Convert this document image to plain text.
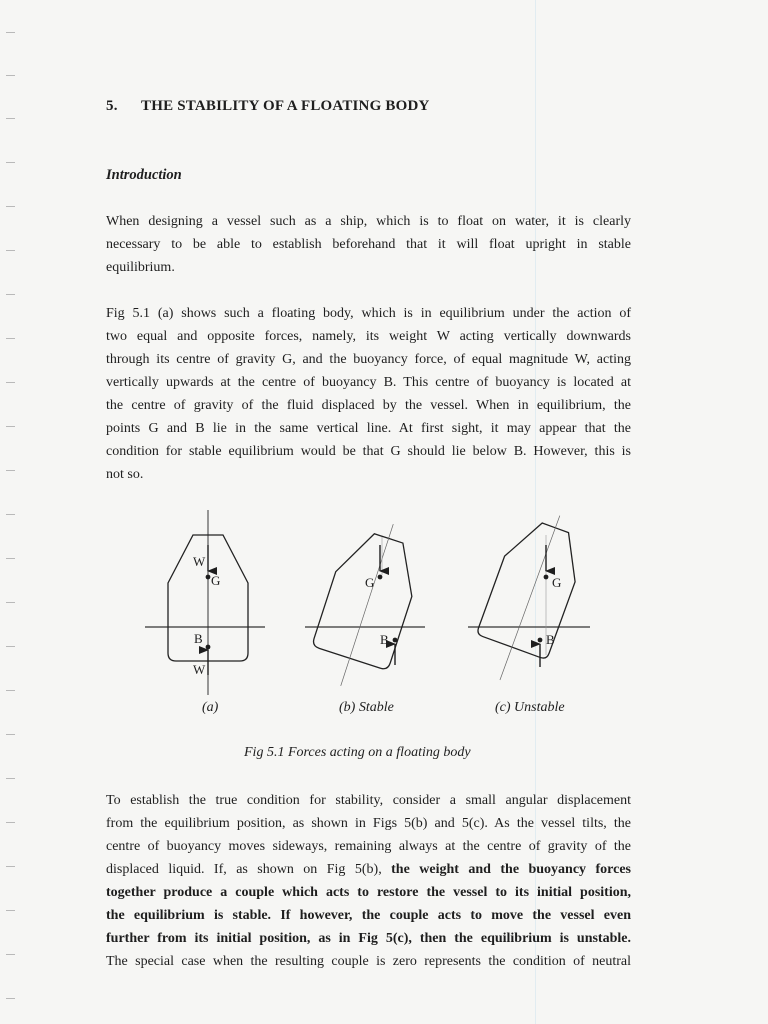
5. THE STABILITY OF A FLOATING BODY
Introduction
When designing a vessel such as a ship, which is to float on water, it is clearly
necessary to be able to establish beforehand that it will float upright in stable
equilibrium.
Fig 5.1 (a) shows such a floating body, which is in equilibrium under the action of
two equal and opposite forces, namely, its weight W acting vertically downwards
through its centre of gravity G, and the buoyancy force, of equal magnitude W, acting
vertically upwards at the centre of buoyancy B. This centre of buoyancy is located at
the centre of gravity of the fluid displaced by the vessel. When in equilibrium, the
points G and B lie in the same vertical line. At first sight, it may appear that the
condition for stable equilibrium would be that G should lie below B. However, this is
not so.
W
G
B
W
G
B
G
B
(a)	(b) Stable	(c) Unstable
Fig 5.1 Forces acting on a floating body
To establish the true condition for stability, consider a small angular displacement
from the equilibrium position, as shown in Figs 5(b) and 5(c). As the vessel tilts, the
centre of buoyancy moves sideways, remaining always at the centre of gravity of the
displaced liquid. If, as shown on Fig 5(b), the weight and the buoyancy forces
together produce a couple which acts to restore the vessel to its initial position,
the equilibrium is stable. If however, the couple acts to move the vessel even
further from its initial position, as in Fig 5(c), then the equilibrium is unstable.
The special case when the resulting couple is zero represents the condition of neutral
